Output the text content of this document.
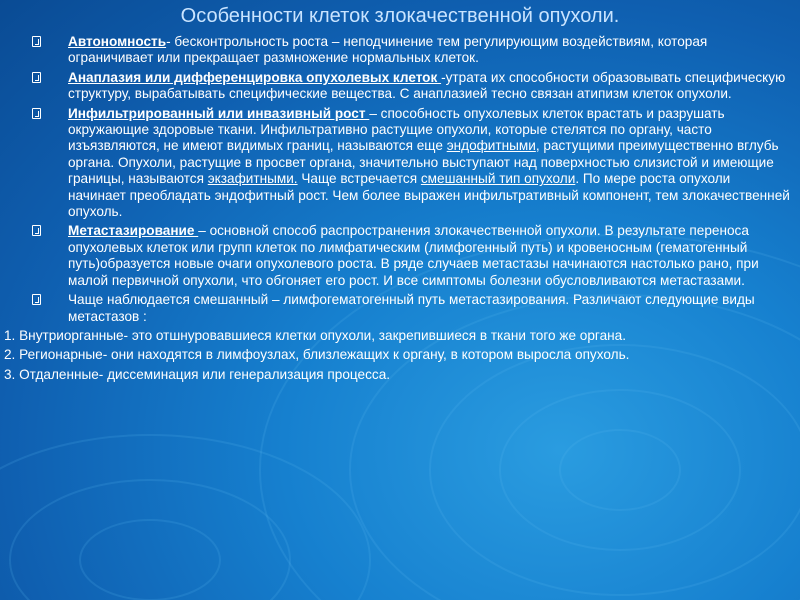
Особенности клеток злокачественной опухоли.
Автономность- бесконтрольность роста – неподчинение тем регулирующим воздействиям, которая ограничивает или прекращает размножение нормальных клеток.
Анаплазия или дифференцировка опухолевых клеток -утрата их способности образовывать специфическую структуру, вырабатывать специфические вещества. С анаплазией тесно связан атипизм клеток опухоли.
Инфильтрированный или инвазивный рост – способность опухолевых клеток врастать и разрушать окружающие здоровые ткани. Инфильтративно растущие опухоли, которые стелятся по органу, часто изъязвляются, не имеют видимых границ, называются еще эндофитными, растущими преимущественно вглубь органа. Опухоли, растущие в просвет органа, значительно выступают над поверхностью слизистой и имеющие границы, называются экзафитными. Чаще встречается смешанный тип опухоли. По мере роста опухоли начинает преобладать эндофитный рост. Чем более выражен инфильтративный компонент, тем злокачественней опухоль.
Метастазирование – основной способ распространения злокачественной опухоли. В результате переноса опухолевых клеток или групп клеток по лимфатическим (лимфогенный путь) и кровеносным (гематогенный путь)образуется новые очаги опухолевого роста. В ряде случаев метастазы начинаются настолько рано, при малой первичной опухоли, что обгоняет его рост. И все симптомы болезни обусловливаются метастазами.
Чаще наблюдается смешанный – лимфогематогенный путь метастазирования. Различают следующие виды метастазов :
1. Внутриорганные- это отшнуровавшиеся клетки опухоли, закрепившиеся в ткани того же органа.
2. Регионарные- они находятся в лимфоузлах, близлежащих к органу, в котором выросла опухоль.
3. Отдаленные- диссеминация или генерализация процесса.
